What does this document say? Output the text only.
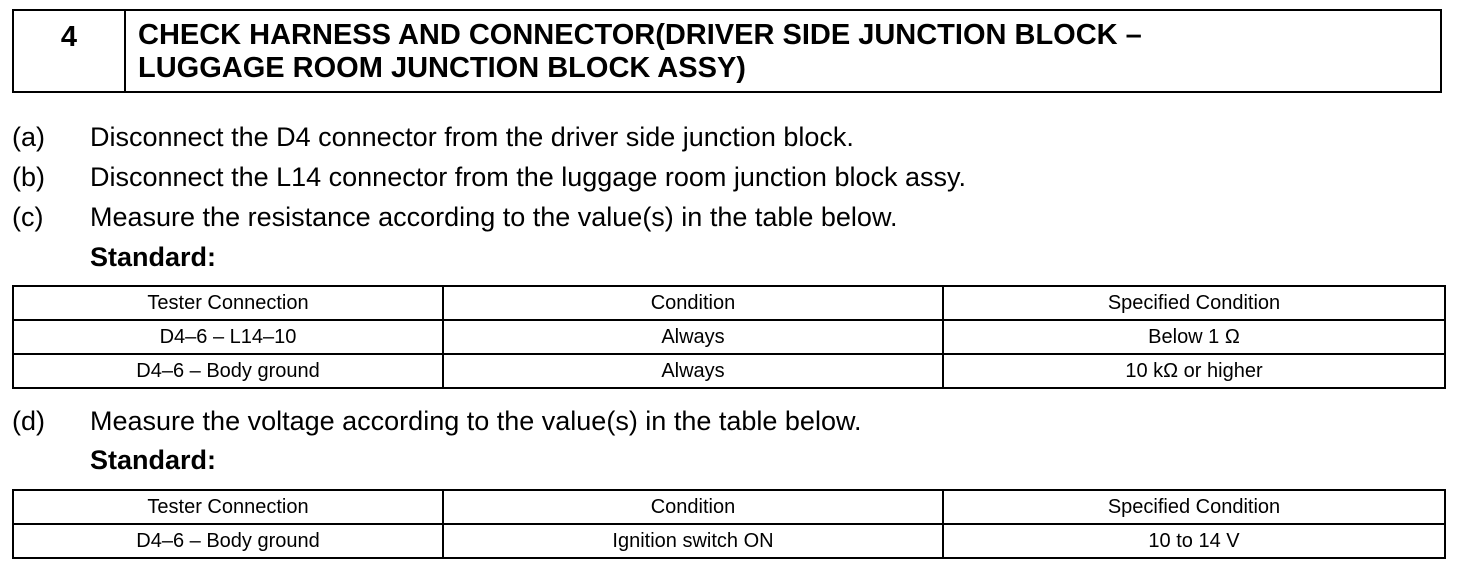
4	CHECK HARNESS AND CONNECTOR(DRIVER SIDE JUNCTION BLOCK –
LUGGAGE ROOM JUNCTION BLOCK ASSY)
(a) Disconnect the D4 connector from the driver side junction block.
(b) Disconnect the L14 connector from the luggage room junction block assy.
(c) Measure the resistance according to the value(s) in the table below.
Standard:
Tester Connection	Condition	Specified Condition
D4–6 – L14–10	Always	Below 1 Ω
D4–6 – Body ground	Always	10 kΩ or higher
(d) Measure the voltage according to the value(s) in the table below.
Standard:
Tester Connection	Condition	Specified Condition
D4–6 – Body ground	Ignition switch ON	10 to 14 V
